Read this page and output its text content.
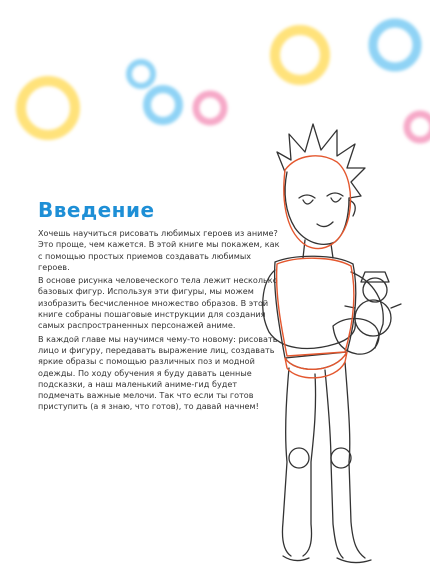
Введение

Хочешь научиться рисовать любимых героев из аниме? Это проще, чем кажется. В этой книге мы покажем, как с помощью простых приемов создавать любимых героев.

В основе рисунка человеческого тела лежит несколько базовых фигур. Используя эти фигуры, мы можем изобразить бесчисленное множество образов. В этой книге собраны пошаговые инструкции для создания самых распространенных персонажей аниме.

В каждой главе мы научимся чему-то новому: рисовать лицо и фигуру, передавать выражение лиц, создавать яркие образы с помощью различных поз и модной одежды. По ходу обучения я буду давать ценные подсказки, а наш маленький аниме-гид будет подмечать важные мелочи. Так что если ты готов приступить (а я знаю, что готов), то давай начнем!
